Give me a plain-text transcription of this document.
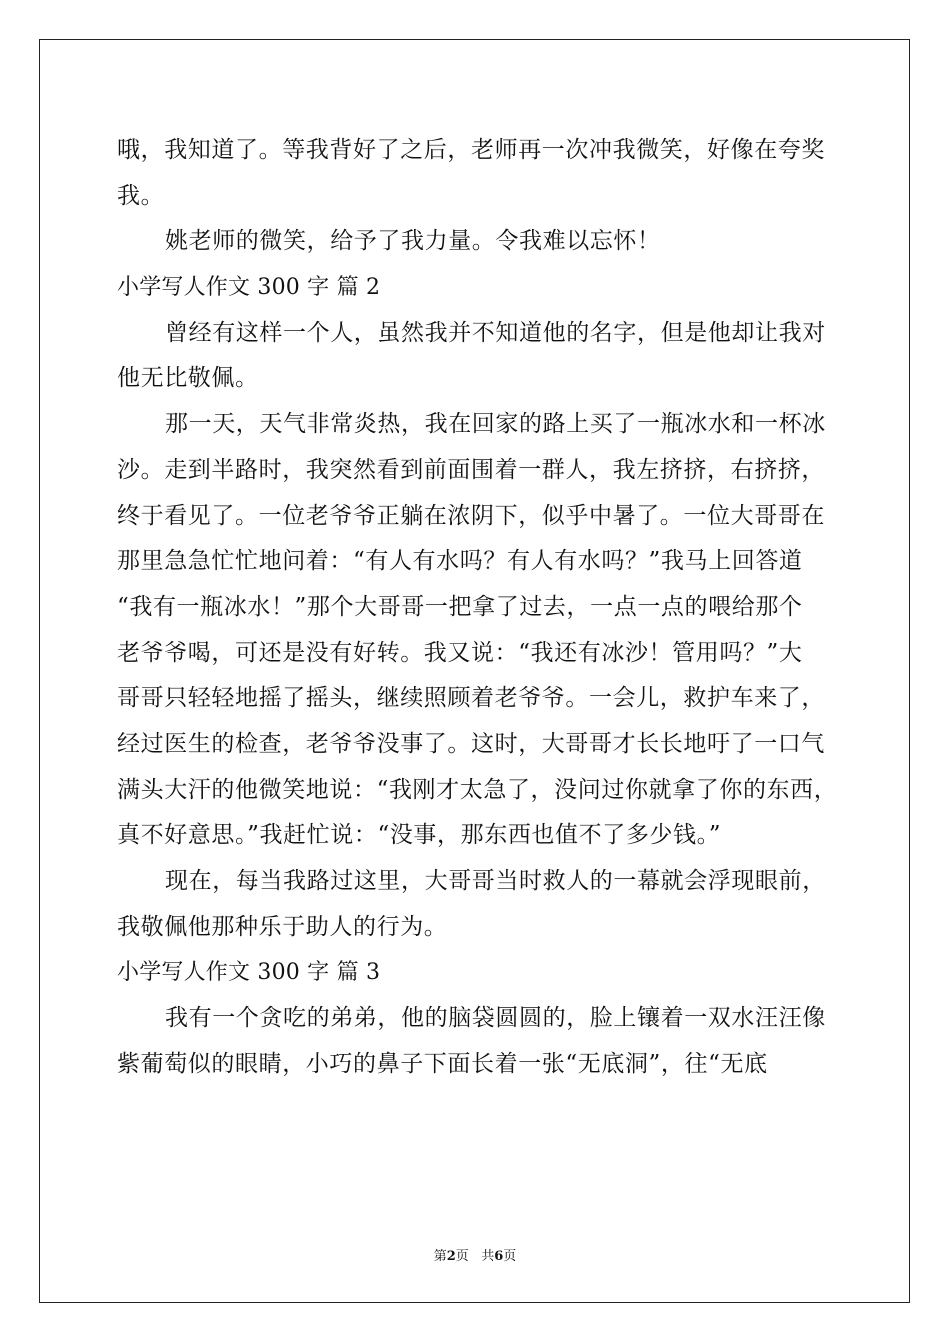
哦，我知道了。等我背好了之后，老师再一次冲我微笑，好像在夸奖
我。
姚老师的微笑，给予了我力量。令我难以忘怀！
小学写人作文 300 字 篇 2
曾经有这样一个人，虽然我并不知道他的名字，但是他却让我对
他无比敬佩。
那一天，天气非常炎热，我在回家的路上买了一瓶冰水和一杯冰
沙。走到半路时，我突然看到前面围着一群人，我左挤挤，右挤挤，
终于看见了。一位老爷爷正躺在浓阴下，似乎中暑了。一位大哥哥在
那里急急忙忙地问着：“有人有水吗？有人有水吗？”我马上回答道
“我有一瓶冰水！”那个大哥哥一把拿了过去，一点一点的喂给那个
老爷爷喝，可还是没有好转。我又说：“我还有冰沙！管用吗？”大
哥哥只轻轻地摇了摇头，继续照顾着老爷爷。一会儿，救护车来了，
经过医生的检查，老爷爷没事了。这时，大哥哥才长长地吁了一口气
满头大汗的他微笑地说：“我刚才太急了，没问过你就拿了你的东西，
真不好意思。”我赶忙说：“没事，那东西也值不了多少钱。”
现在，每当我路过这里，大哥哥当时救人的一幕就会浮现眼前，
我敬佩他那种乐于助人的行为。
小学写人作文 300 字 篇 3
我有一个贪吃的弟弟，他的脑袋圆圆的，脸上镶着一双水汪汪像
紫葡萄似的眼睛，小巧的鼻子下面长着一张“无底洞”，往“无底
第2页 共6页
